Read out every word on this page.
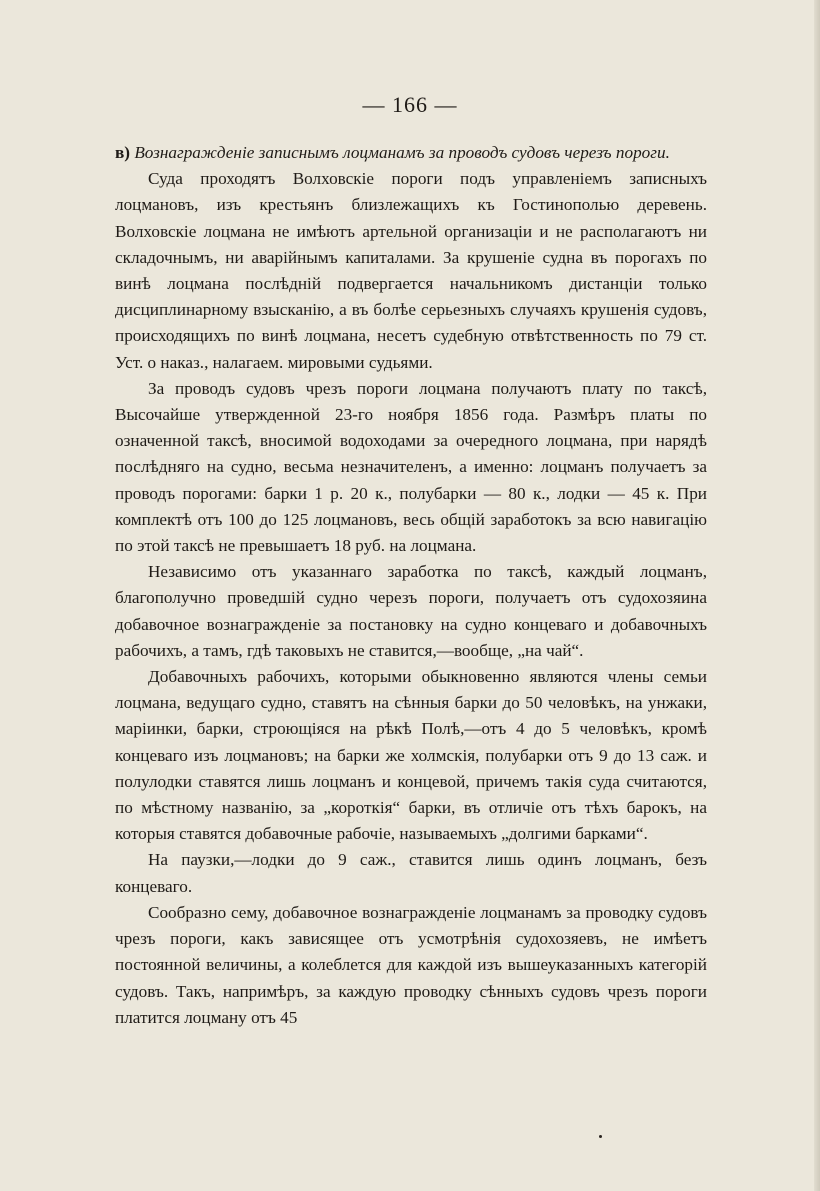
— 166 —

в) Вознагражденіе записнымъ лоцманамъ за проводъ судовъ черезъ пороги.

Суда проходятъ Волховскіе пороги подъ управленіемъ записныхъ лоцмановъ, изъ крестьянъ близлежащихъ къ Гостинополью деревень. Волховскіе лоцмана не имѣютъ артельной организаціи и не располагаютъ ни складочнымъ, ни аварійнымъ капиталами. За крушеніе судна въ порогахъ по винѣ лоцмана послѣдній подвергается начальникомъ дистанціи только дисциплинарному взысканію, а въ болѣе серьезныхъ случаяхъ крушенія судовъ, происходящихъ по винѣ лоцмана, несетъ судебную отвѣтственность по 79 ст. Уст. о наказ., налагаем. мировыми судьями.

За проводъ судовъ чрезъ пороги лоцмана получаютъ плату по таксѣ, Высочайше утвержденной 23-го ноября 1856 года. Размѣръ платы по означенной таксѣ, вносимой водоходами за очередного лоцмана, при нарядѣ послѣдняго на судно, весьма незначителенъ, а именно: лоцманъ получаетъ за проводъ порогами: барки 1 р. 20 к., полубарки — 80 к., лодки — 45 к. При комплектѣ отъ 100 до 125 лоцмановъ, весь общій заработокъ за всю навигацію по этой таксѣ не превышаетъ 18 руб. на лоцмана.

Независимо отъ указаннаго заработка по таксѣ, каждый лоцманъ, благополучно проведшій судно черезъ пороги, получаетъ отъ судохозяина добавочное вознагражденіе за постановку на судно концеваго и добавочныхъ рабочихъ, а тамъ, гдѣ таковыхъ не ставится,—вообще, „на чай“.

Добавочныхъ рабочихъ, которыми обыкновенно являются члены семьи лоцмана, ведущаго судно, ставятъ на сѣнныя барки до 50 человѣкъ, на унжаки, маріинки, барки, строющіяся на рѣкѣ Полѣ,—отъ 4 до 5 человѣкъ, кромѣ концеваго изъ лоцмановъ; на барки же холмскія, полубарки отъ 9 до 13 саж. и полулодки ставятся лишь лоцманъ и концевой, причемъ такія суда считаются, по мѣстному названію, за „короткія“ барки, въ отличіе отъ тѣхъ барокъ, на которыя ставятся добавочные рабочіе, называемыхъ „долгими барками“.

На паузки,—лодки до 9 саж., ставится лишь одинъ лоцманъ, безъ концеваго.

Сообразно сему, добавочное вознагражденіе лоцманамъ за проводку судовъ чрезъ пороги, какъ зависящее отъ усмотрѣнія судохозяевъ, не имѣетъ постоянной величины, а колеблется для каждой изъ вышеуказанныхъ категорій судовъ. Такъ, напримѣръ, за каждую проводку сѣнныхъ судовъ чрезъ пороги платится лоцману отъ 45
